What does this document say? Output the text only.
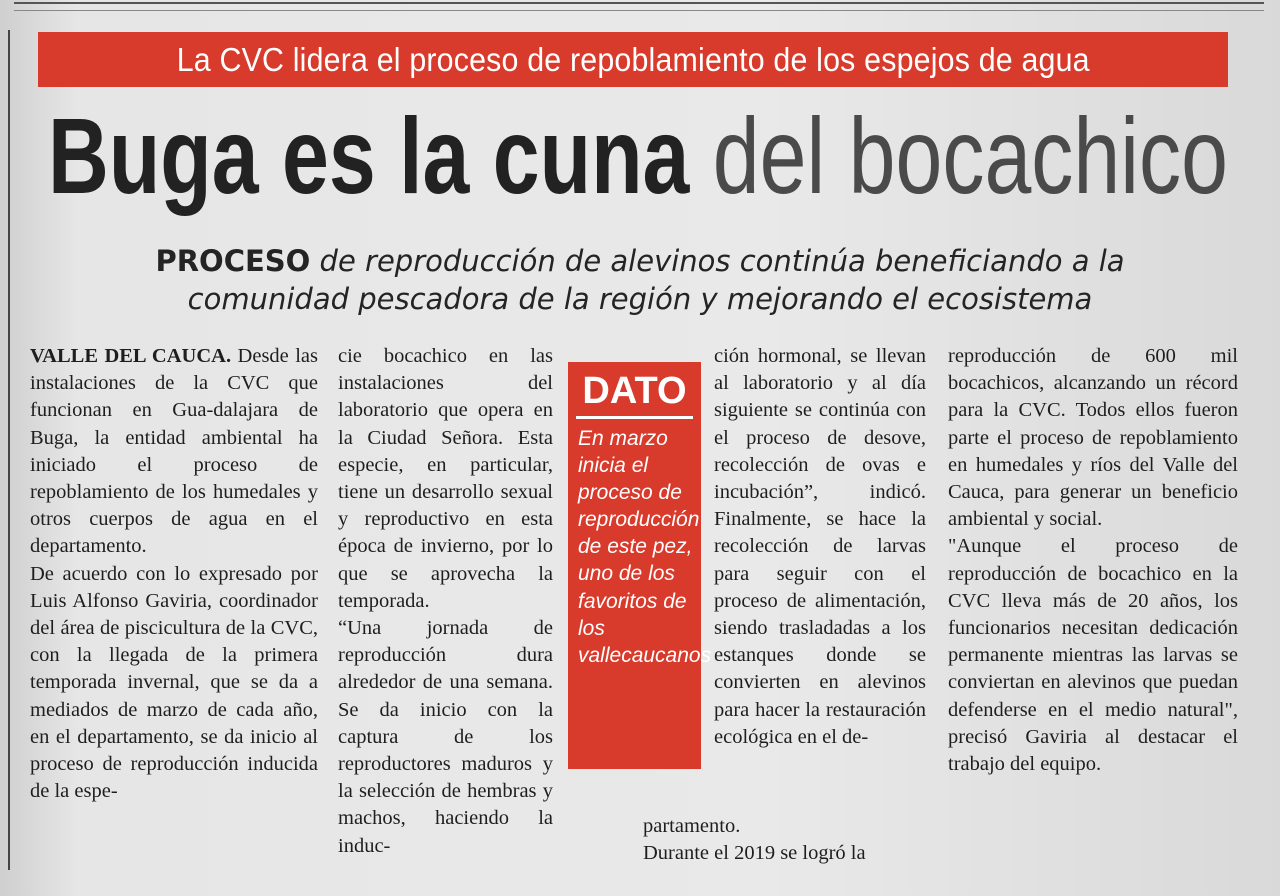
La CVC lidera el proceso de repoblamiento de los espejos de agua
Buga es la cuna del bocachico
PROCESO de reproducción de alevinos continúa beneficiando a la comunidad pescadora de la región y mejorando el ecosistema

VALLE DEL CAUCA. Desde las instalaciones de la CVC que funcionan en Gua-dalajara de Buga, la entidad ambiental ha iniciado el proceso de repoblamiento de los humedales y otros cuerpos de agua en el departamento.

De acuerdo con lo expresado por Luis Alfonso Gaviria, coordinador del área de piscicultura de la CVC, con la llegada de la primera temporada invernal, que se da a mediados de marzo de cada año, en el departamento, se da inicio al proceso de reproducción inducida de la espe-

cie bocachico en las instalaciones del laboratorio que opera en la Ciudad Señora. Esta especie, en particular, tiene un desarrollo sexual y reproductivo en esta época de invierno, por lo que se aprovecha la temporada.

“Una jornada de reproducción dura alrededor de una semana. Se da inicio con la captura de los reproductores maduros y la selección de hembras y machos, haciendo la induc-

DATO
En marzo inicia el proceso de reproducción de este pez, uno de los favoritos de los vallecaucanos

ción hormonal, se llevan al laboratorio y al día siguiente se continúa con el proceso de desove, recolección de ovas e incubación”, indicó. Finalmente, se hace la recolección de larvas para seguir con el proceso de alimentación, siendo trasladadas a los estanques donde se convierten en alevinos para hacer la restauración ecológica en el de-

partamento.

Durante el 2019 se logró la

reproducción de 600 mil bocachicos, alcanzando un récord para la CVC. Todos ellos fueron parte el proceso de repoblamiento en humedales y ríos del Valle del Cauca, para generar un beneficio ambiental y social.

"Aunque el proceso de reproducción de bocachico en la CVC lleva más de 20 años, los funcionarios necesitan dedicación permanente mientras las larvas se conviertan en alevinos que puedan defenderse en el medio natural", precisó Gaviria al destacar el trabajo del equipo.
